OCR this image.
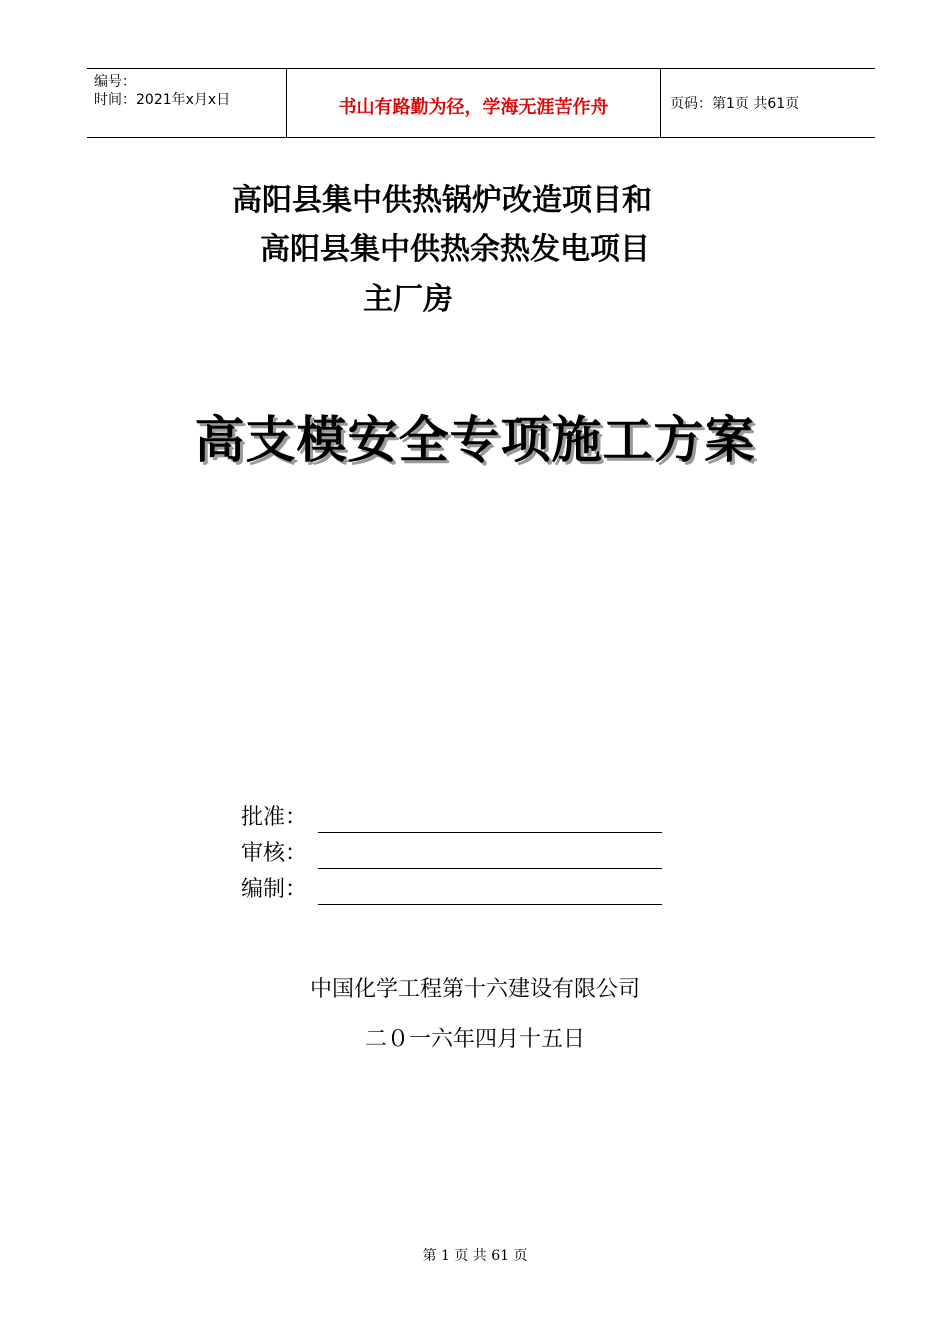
编号：
时间：2021年x月x日	书山有路勤为径，学海无涯苦作舟	页码：第1页 共61页
高阳县集中供热锅炉改造项目和
高阳县集中供热余热发电项目
主厂房
高支模安全专项施工方案
批准：
审核：
编制：
中国化学工程第十六建设有限公司
二０一六年四月十五日
第 1 页 共 61 页
